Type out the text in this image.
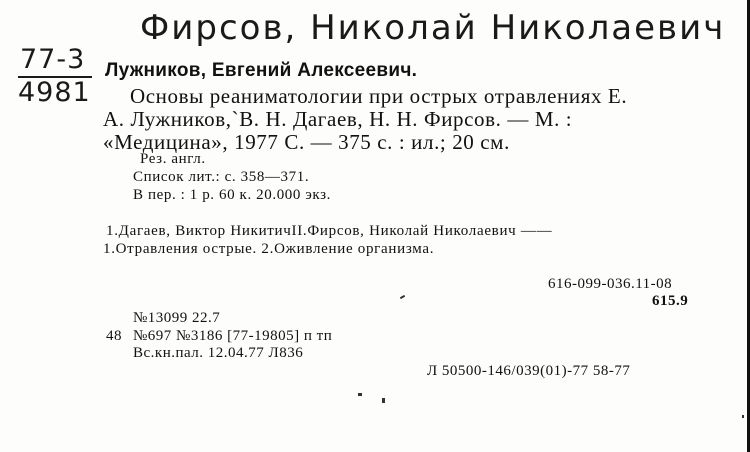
Фирсов, Николай Николаевич
77-3
4981
Лужников, Евгений Алексеевич.
Основы реаниматологии при острых отравлениях Е.
А. Лужников,`В. Н. Дагаев, Н. Н. Фирсов. — М. :
«Медицина», 1977 С. — 375 с. : ил.; 20 см.
Рез. англ.
Список лит.: с. 358—371.
В пер. : 1 р. 60 к. 20.000 экз.
1.Дагаев, Виктор НикитичII.Фирсов, Николай Николаевич ——
1.Отравления острые. 2.Оживление организма.
616-099-036.11-08
615.9
№13099 22.7
48 №697 №3186 [77-19805] п тп
Вс.кн.пал. 12.04.77 Л836
Л 50500-146/039(01)-77 58-77
